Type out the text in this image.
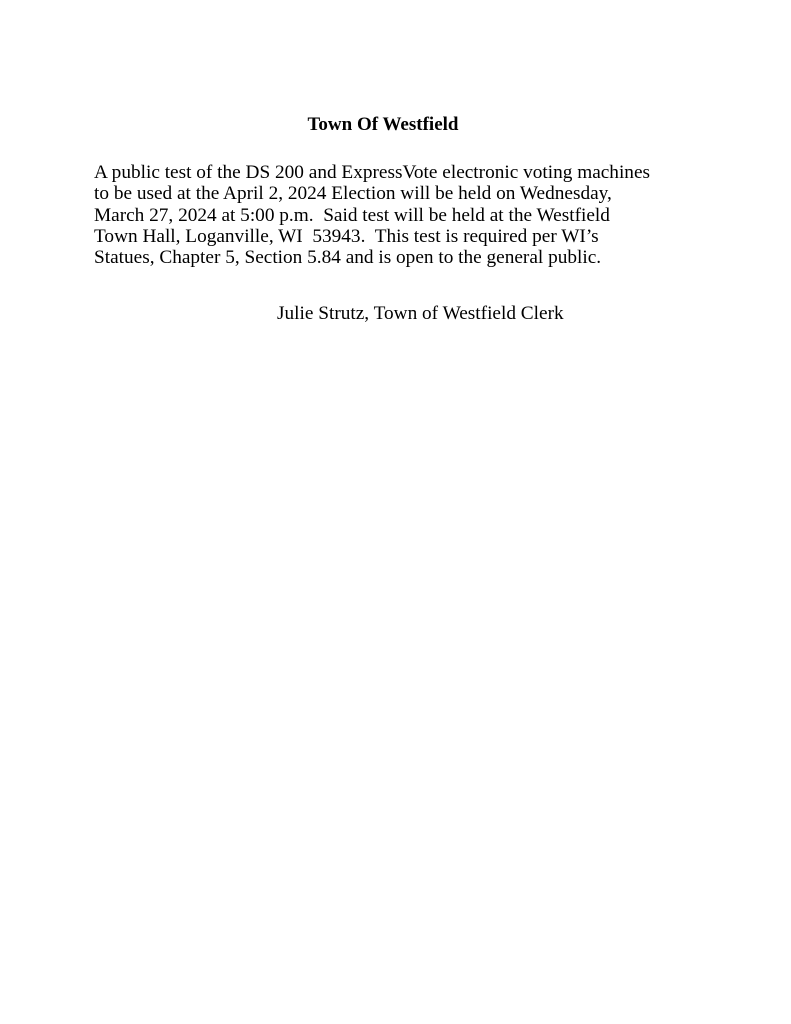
Town Of Westfield

A public test of the DS 200 and ExpressVote electronic voting machines
to be used at the April 2, 2024 Election will be held on Wednesday,
March 27, 2024 at 5:00 p.m.  Said test will be held at the Westfield
Town Hall, Loganville, WI  53943.  This test is required per WI’s
Statues, Chapter 5, Section 5.84 and is open to the general public.

Julie Strutz, Town of Westfield Clerk
